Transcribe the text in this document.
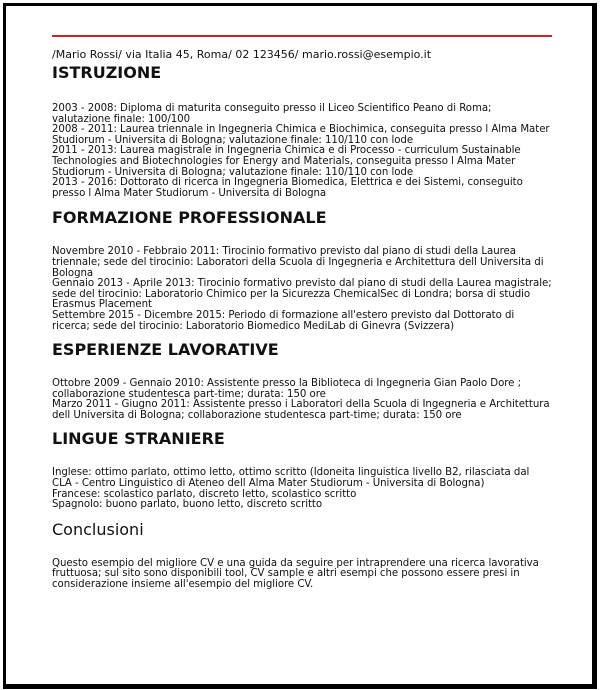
/Mario Rossi/ via Italia 45, Roma/ 02 123456/ mario.rossi@esempio.it
ISTRUZIONE

2003 - 2008: Diploma di maturita conseguito presso il Liceo Scientifico Peano di Roma; valutazione finale: 100/100

2008 - 2011: Laurea triennale in Ingegneria Chimica e Biochimica, conseguita presso l Alma Mater Studiorum - Universita di Bologna; valutazione finale: 110/110 con lode

2011 - 2013: Laurea magistrale in Ingegneria Chimica e di Processo - curriculum Sustainable Technologies and Biotechnologies for Energy and Materials, conseguita presso l Alma Mater Studiorum - Universita di Bologna; valutazione finale: 110/110 con lode

2013 - 2016: Dottorato di ricerca in Ingegneria Biomedica, Elettrica e dei Sistemi, conseguito presso l Alma Mater Studiorum - Universita di Bologna

FORMAZIONE PROFESSIONALE

Novembre 2010 - Febbraio 2011: Tirocinio formativo previsto dal piano di studi della Laurea triennale; sede del tirocinio: Laboratori della Scuola di Ingegneria e Architettura dell Universita di Bologna

Gennaio 2013 - Aprile 2013: Tirocinio formativo previsto dal piano di studi della Laurea magistrale; sede del tirocinio: Laboratorio Chimico per la Sicurezza ChemicalSec di Londra; borsa di studio Erasmus Placement

Settembre 2015 - Dicembre 2015: Periodo di formazione all'estero previsto dal Dottorato di ricerca; sede del tirocinio: Laboratorio Biomedico MediLab di Ginevra (Svizzera)

ESPERIENZE LAVORATIVE

Ottobre 2009 - Gennaio 2010: Assistente presso la Biblioteca di Ingegneria Gian Paolo Dore ; collaborazione studentesca part-time; durata: 150 ore

Marzo 2011 - Giugno 2011: Assistente presso i Laboratori della Scuola di Ingegneria e Architettura dell Universita di Bologna; collaborazione studentesca part-time; durata: 150 ore

LINGUE STRANIERE

Inglese: ottimo parlato, ottimo letto, ottimo scritto (Idoneita linguistica livello B2, rilasciata dal CLA - Centro Linguistico di Ateneo dell Alma Mater Studiorum - Universita di Bologna)

Francese: scolastico parlato, discreto letto, scolastico scritto

Spagnolo: buono parlato, buono letto, discreto scritto

Conclusioni

Questo esempio del migliore CV e una guida da seguire per intraprendere una ricerca lavorativa fruttuosa; sul sito sono disponibili tool, CV sample e altri esempi che possono essere presi in considerazione insieme all'esempio del migliore CV.
